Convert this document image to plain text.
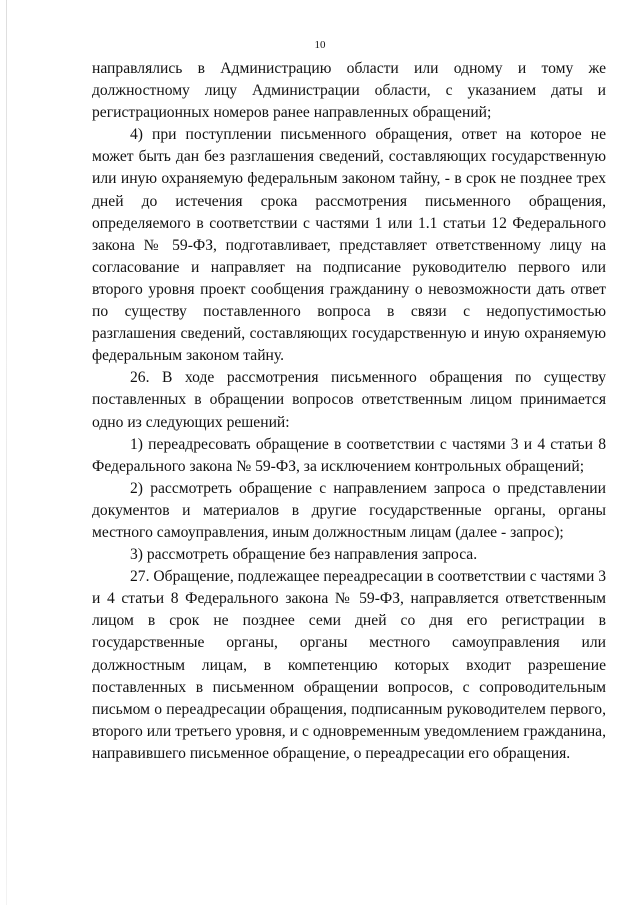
10

направлялись в Администрацию области или одному и тому же должностному лицу Администрации области, с указанием даты и регистрационных номеров ранее направленных обращений;

4) при поступлении письменного обращения, ответ на которое не может быть дан без разглашения сведений, составляющих государственную или иную охраняемую федеральным законом тайну, - в срок не позднее трех дней до истечения срока рассмотрения письменного обращения, определяемого в соответствии с частями 1 или 1.1 статьи 12 Федерального закона № 59-ФЗ, подготавливает, представляет ответственному лицу на согласование и направляет на подписание руководителю первого или второго уровня проект сообщения гражданину о невозможности дать ответ по существу поставленного вопроса в связи с недопустимостью разглашения сведений, составляющих государственную и иную охраняемую федеральным законом тайну.

26. В ходе рассмотрения письменного обращения по существу поставленных в обращении вопросов ответственным лицом принимается одно из следующих решений:

1) переадресовать обращение в соответствии с частями 3 и 4 статьи 8 Федерального закона № 59-ФЗ, за исключением контрольных обращений;

2) рассмотреть обращение с направлением запроса о представлении документов и материалов в другие государственные органы, органы местного самоуправления, иным должностным лицам (далее - запрос);

3) рассмотреть обращение без направления запроса.

27. Обращение, подлежащее переадресации в соответствии с частями 3 и 4 статьи 8 Федерального закона № 59-ФЗ, направляется ответственным лицом в срок не позднее семи дней со дня его регистрации в государственные органы, органы местного самоуправления или должностным лицам, в компетенцию которых входит разрешение поставленных в письменном обращении вопросов, с сопроводительным письмом о переадресации обращения, подписанным руководителем первого, второго или третьего уровня, и с одновременным уведомлением гражданина, направившего письменное обращение, о переадресации его обращения.
